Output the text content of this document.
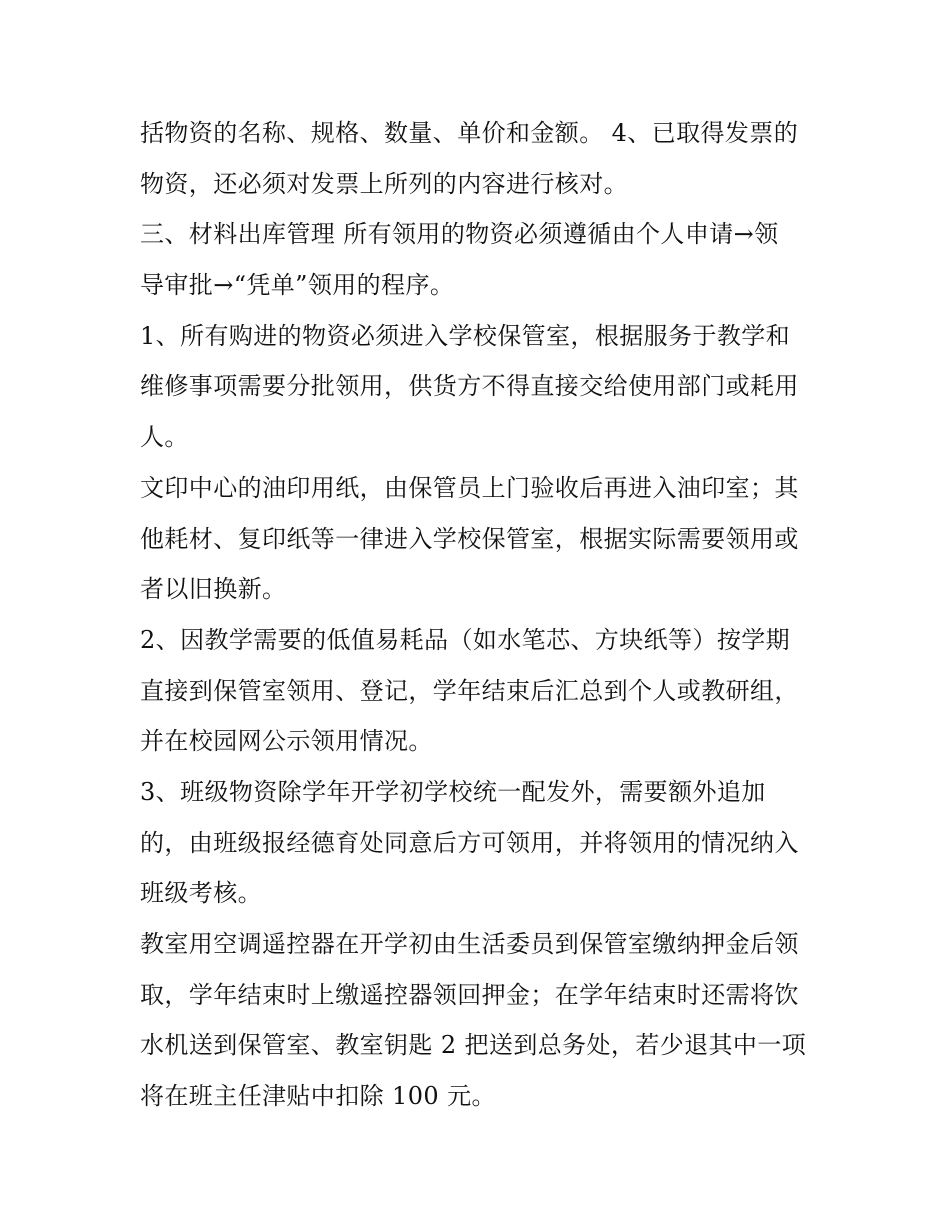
括物资的名称、规格、数量、单价和金额。 4、已取得发票的
物资，还必须对发票上所列的内容进行核对。
三、材料出库管理 所有领用的物资必须遵循由个人申请→领
导审批→“凭单”领用的程序。
1、所有购进的物资必须进入学校保管室，根据服务于教学和
维修事项需要分批领用，供货方不得直接交给使用部门或耗用
人。
文印中心的油印用纸，由保管员上门验收后再进入油印室；其
他耗材、复印纸等一律进入学校保管室，根据实际需要领用或
者以旧换新。
2、因教学需要的低值易耗品（如水笔芯、方块纸等）按学期
直接到保管室领用、登记，学年结束后汇总到个人或教研组，
并在校园网公示领用情况。
3、班级物资除学年开学初学校统一配发外，需要额外追加
的，由班级报经德育处同意后方可领用，并将领用的情况纳入
班级考核。
教室用空调遥控器在开学初由生活委员到保管室缴纳押金后领
取，学年结束时上缴遥控器领回押金；在学年结束时还需将饮
水机送到保管室、教室钥匙 2 把送到总务处，若少退其中一项
将在班主任津贴中扣除 100 元。
